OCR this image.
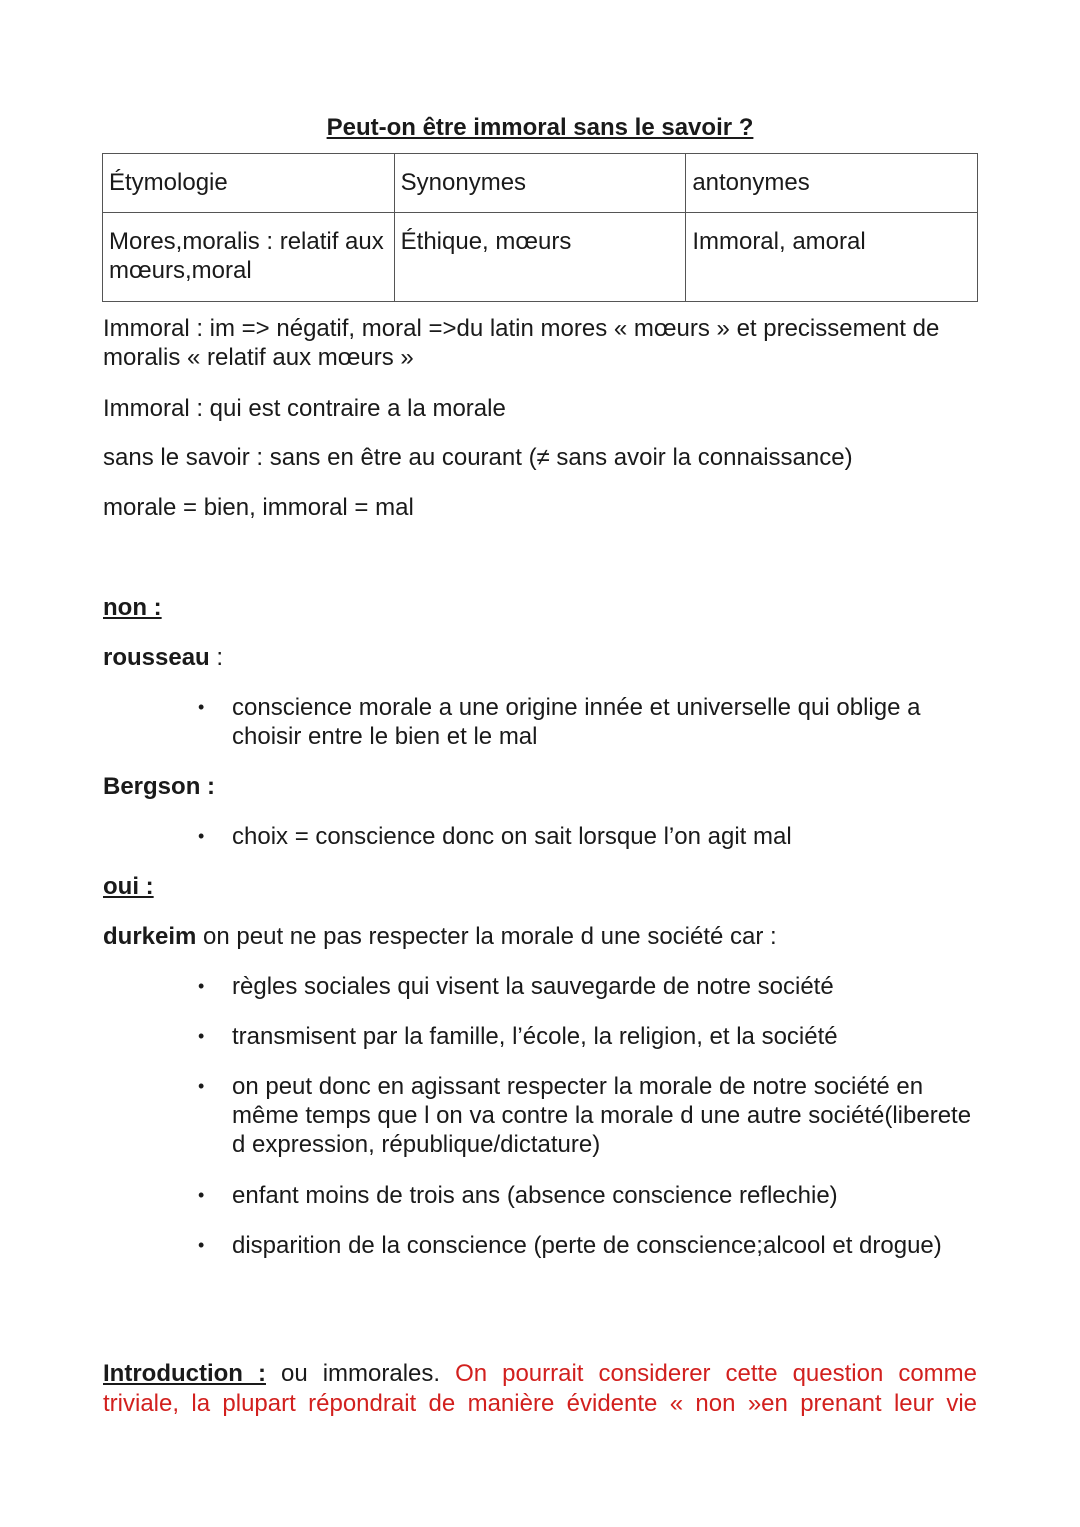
Peut-on être immoral sans le savoir ?
Étymologie	Synonymes	antonymes
Mores,moralis : relatif aux mœurs,moral	Éthique, mœurs	Immoral, amoral
Immoral : im => négatif, moral =>du latin mores « mœurs » et precissement de moralis « relatif aux mœurs »
Immoral : qui est contraire a la morale
sans le savoir : sans en être au courant (≠ sans avoir la connaissance)
morale = bien, immoral = mal
non :
rousseau :
• conscience morale a une origine innée et universelle qui oblige a choisir entre le bien et le mal
Bergson :
• choix = conscience donc on sait lorsque l’on agit mal
oui :
durkeim on peut ne pas respecter la morale d une société car :
• règles sociales qui visent la sauvegarde de notre société
• transmisent par la famille, l’école, la religion, et la société
• on peut donc en agissant respecter la morale de notre société en même temps que l on va contre la morale d une autre société(liberete d expression, république/dictature)
• enfant moins de trois ans (absence conscience reflechie)
• disparition de la conscience (perte de conscience;alcool et drogue)
Introduction : ou immorales. On pourrait considerer cette question comme triviale, la plupart répondrait de manière évidente « non »en prenant leur vie
